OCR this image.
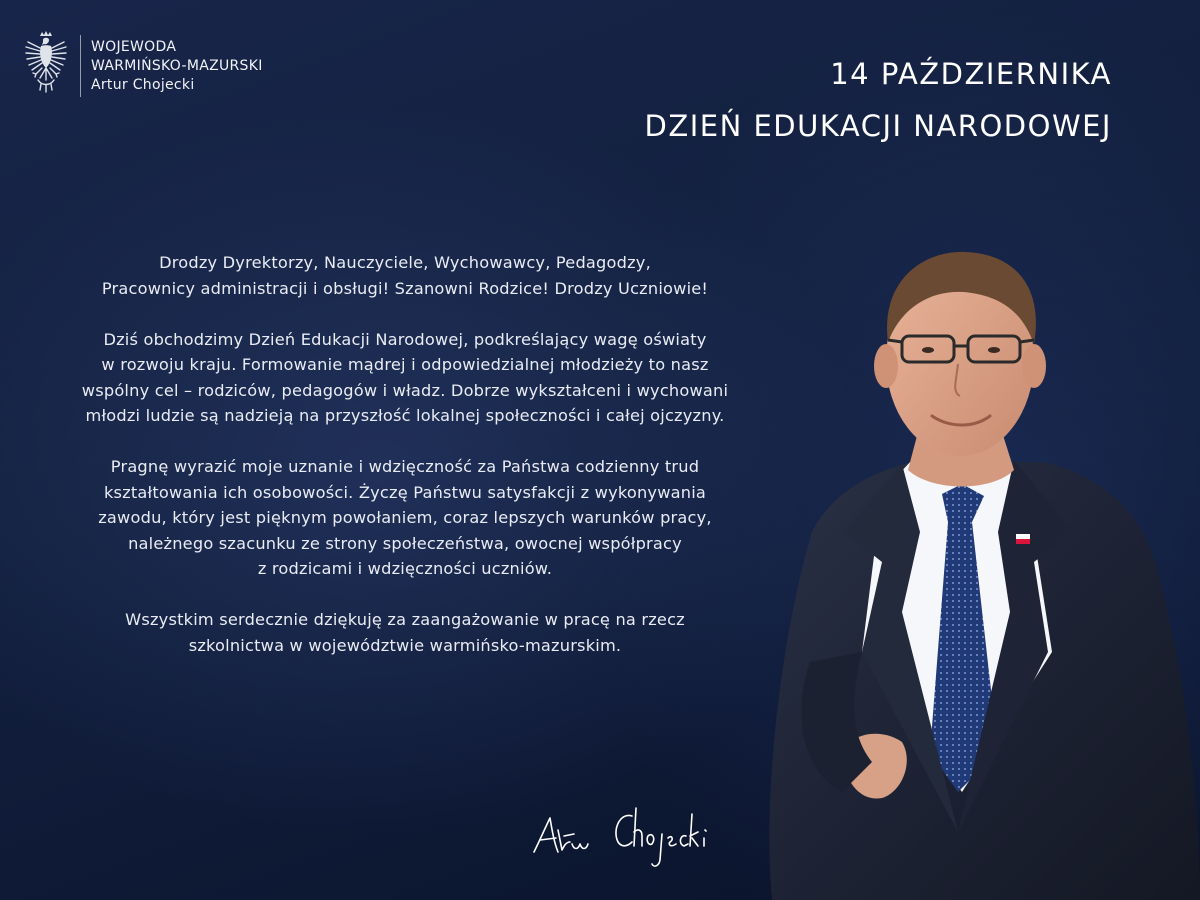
WOJEWODA
WARMIŃSKO-MAZURSKI
Artur Chojecki	14 PAŹDZIERNIKA
DZIEŃ EDUKACJI NARODOWEJ
Drodzy Dyrektorzy, Nauczyciele, Wychowawcy, Pedagodzy,
Pracownicy administracji i obsługi! Szanowni Rodzice! Drodzy Uczniowie!
Dziś obchodzimy Dzień Edukacji Narodowej, podkreślający wagę oświaty
w rozwoju kraju. Formowanie mądrej i odpowiedzialnej młodzieży to nasz
wspólny cel – rodziców, pedagogów i władz. Dobrze wykształceni i wychowani
młodzi ludzie są nadzieją na przyszłość lokalnej społeczności i całej ojczyzny.
Pragnę wyrazić moje uznanie i wdzięczność za Państwa codzienny trud
kształtowania ich osobowości. Życzę Państwu satysfakcji z wykonywania
zawodu, który jest pięknym powołaniem, coraz lepszych warunków pracy,
należnego szacunku ze strony społeczeństwa, owocnej współpracy
z rodzicami i wdzięczności uczniów.
Wszystkim serdecznie dziękuję za zaangażowanie w pracę na rzecz
szkolnictwa w województwie warmińsko-mazurskim.
